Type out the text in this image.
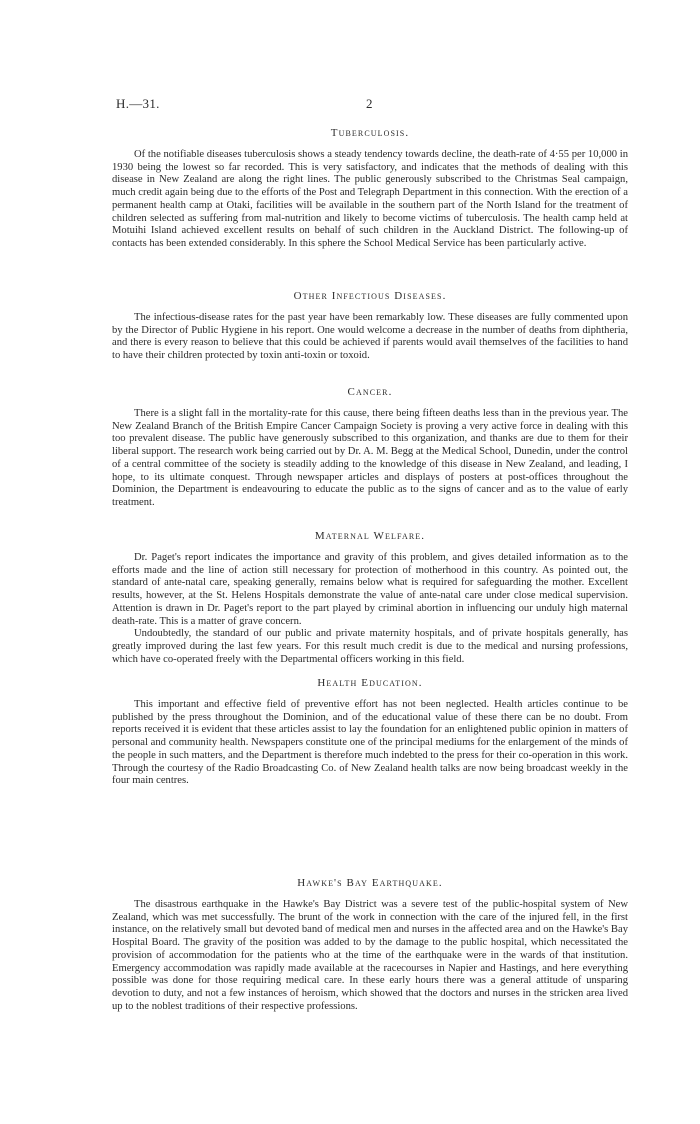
H.—31.	2
Tuberculosis.

Of the notifiable diseases tuberculosis shows a steady tendency towards decline, the death-rate of 4·55 per 10,000 in 1930 being the lowest so far recorded. This is very satisfactory, and indicates that the methods of dealing with this disease in New Zealand are along the right lines. The public generously subscribed to the Christmas Seal campaign, much credit again being due to the efforts of the Post and Telegraph Department in this connection. With the erection of a permanent health camp at Otaki, facilities will be available in the southern part of the North Island for the treatment of children selected as suffering from mal-nutrition and likely to become victims of tuberculosis. The health camp held at Motuihi Island achieved excellent results on behalf of such children in the Auckland District. The following-up of contacts has been extended considerably. In this sphere the School Medical Service has been particularly active.

Other Infectious Diseases.

The infectious-disease rates for the past year have been remarkably low. These diseases are fully commented upon by the Director of Public Hygiene in his report. One would welcome a decrease in the number of deaths from diphtheria, and there is every reason to believe that this could be achieved if parents would avail themselves of the facilities to hand to have their children protected by toxin anti-toxin or toxoid.

Cancer.

There is a slight fall in the mortality-rate for this cause, there being fifteen deaths less than in the previous year. The New Zealand Branch of the British Empire Cancer Campaign Society is proving a very active force in dealing with this too prevalent disease. The public have generously subscribed to this organization, and thanks are due to them for their liberal support. The research work being carried out by Dr. A. M. Begg at the Medical School, Dunedin, under the control of a central committee of the society is steadily adding to the knowledge of this disease in New Zealand, and leading, I hope, to its ultimate conquest. Through newspaper articles and displays of posters at post-offices throughout the Dominion, the Department is endeavouring to educate the public as to the signs of cancer and as to the value of early treatment.

Maternal Welfare.

Dr. Paget's report indicates the importance and gravity of this problem, and gives detailed information as to the efforts made and the line of action still necessary for protection of motherhood in this country. As pointed out, the standard of ante-natal care, speaking generally, remains below what is required for safeguarding the mother. Excellent results, however, at the St. Helens Hospitals demonstrate the value of ante-natal care under close medical supervision. Attention is drawn in Dr. Paget's report to the part played by criminal abortion in influencing our unduly high maternal death-rate. This is a matter of grave concern.

Undoubtedly, the standard of our public and private maternity hospitals, and of private hospitals generally, has greatly improved during the last few years. For this result much credit is due to the medical and nursing professions, which have co-operated freely with the Departmental officers working in this field.

Health Education.

This important and effective field of preventive effort has not been neglected. Health articles continue to be published by the press throughout the Dominion, and of the educational value of these there can be no doubt. From reports received it is evident that these articles assist to lay the foundation for an enlightened public opinion in matters of personal and community health. Newspapers constitute one of the principal mediums for the enlargement of the minds of the people in such matters, and the Department is therefore much indebted to the press for their co-operation in this work. Through the courtesy of the Radio Broadcasting Co. of New Zealand health talks are now being broadcast weekly in the four main centres.

Hawke's Bay Earthquake.

The disastrous earthquake in the Hawke's Bay District was a severe test of the public-hospital system of New Zealand, which was met successfully. The brunt of the work in connection with the care of the injured fell, in the first instance, on the relatively small but devoted band of medical men and nurses in the affected area and on the Hawke's Bay Hospital Board. The gravity of the position was added to by the damage to the public hospital, which necessitated the provision of accommodation for the patients who at the time of the earthquake were in the wards of that institution. Emergency accommodation was rapidly made available at the racecourses in Napier and Hastings, and here everything possible was done for those requiring medical care. In these early hours there was a general attitude of unsparing devotion to duty, and not a few instances of heroism, which showed that the doctors and nurses in the stricken area lived up to the noblest traditions of their respective professions.
